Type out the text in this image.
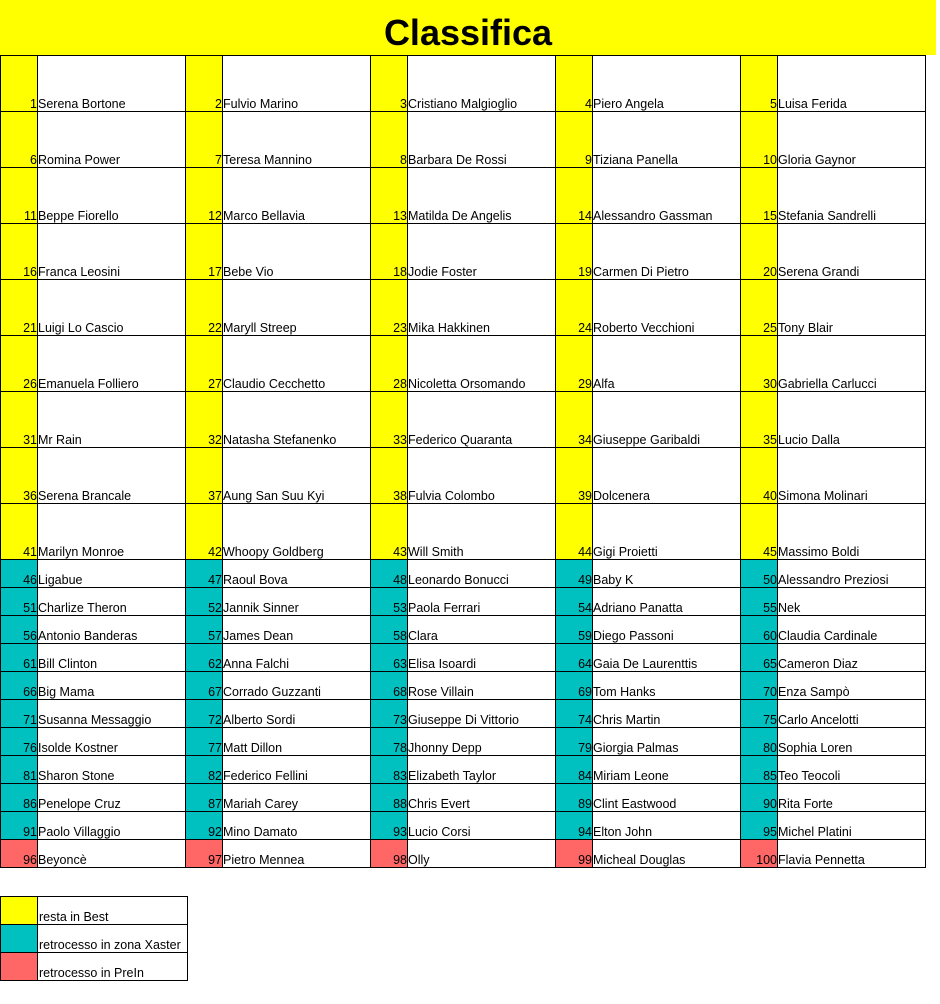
Classifica
1	Serena Bortone	2	Fulvio Marino	3	Cristiano Malgioglio	4	Piero Angela	5	Luisa Ferida
6	Romina Power	7	Teresa Mannino	8	Barbara De Rossi	9	Tiziana Panella	10	Gloria Gaynor
11	Beppe Fiorello	12	Marco Bellavia	13	Matilda De Angelis	14	Alessandro Gassman	15	Stefania Sandrelli
16	Franca Leosini	17	Bebe Vio	18	Jodie Foster	19	Carmen Di Pietro	20	Serena Grandi
21	Luigi Lo Cascio	22	Maryll Streep	23	Mika Hakkinen	24	Roberto Vecchioni	25	Tony Blair
26	Emanuela Folliero	27	Claudio Cecchetto	28	Nicoletta Orsomando	29	Alfa	30	Gabriella Carlucci
31	Mr Rain	32	Natasha Stefanenko	33	Federico Quaranta	34	Giuseppe Garibaldi	35	Lucio Dalla
36	Serena Brancale	37	Aung San Suu Kyi	38	Fulvia Colombo	39	Dolcenera	40	Simona Molinari
41	Marilyn Monroe	42	Whoopy Goldberg	43	Will Smith	44	Gigi Proietti	45	Massimo Boldi
46	Ligabue	47	Raoul Bova	48	Leonardo Bonucci	49	Baby K	50	Alessandro Preziosi
51	Charlize Theron	52	Jannik Sinner	53	Paola Ferrari	54	Adriano Panatta	55	Nek
56	Antonio Banderas	57	James Dean	58	Clara	59	Diego Passoni	60	Claudia Cardinale
61	Bill Clinton	62	Anna Falchi	63	Elisa Isoardi	64	Gaia De Laurenttis	65	Cameron Diaz
66	Big Mama	67	Corrado Guzzanti	68	Rose Villain	69	Tom Hanks	70	Enza Sampò
71	Susanna Messaggio	72	Alberto Sordi	73	Giuseppe Di Vittorio	74	Chris Martin	75	Carlo Ancelotti
76	Isolde Kostner	77	Matt Dillon	78	Jhonny Depp	79	Giorgia Palmas	80	Sophia Loren
81	Sharon Stone	82	Federico Fellini	83	Elizabeth Taylor	84	Miriam Leone	85	Teo Teocoli
86	Penelope Cruz	87	Mariah Carey	88	Chris Evert	89	Clint Eastwood	90	Rita Forte
91	Paolo Villaggio	92	Mino Damato	93	Lucio Corsi	94	Elton John	95	Michel Platini
96	Beyoncè	97	Pietro Mennea	98	Olly	99	Micheal Douglas	100	Flavia Pennetta
	resta in Best
	retrocesso in zona Xaster
	retrocesso in PreIn
